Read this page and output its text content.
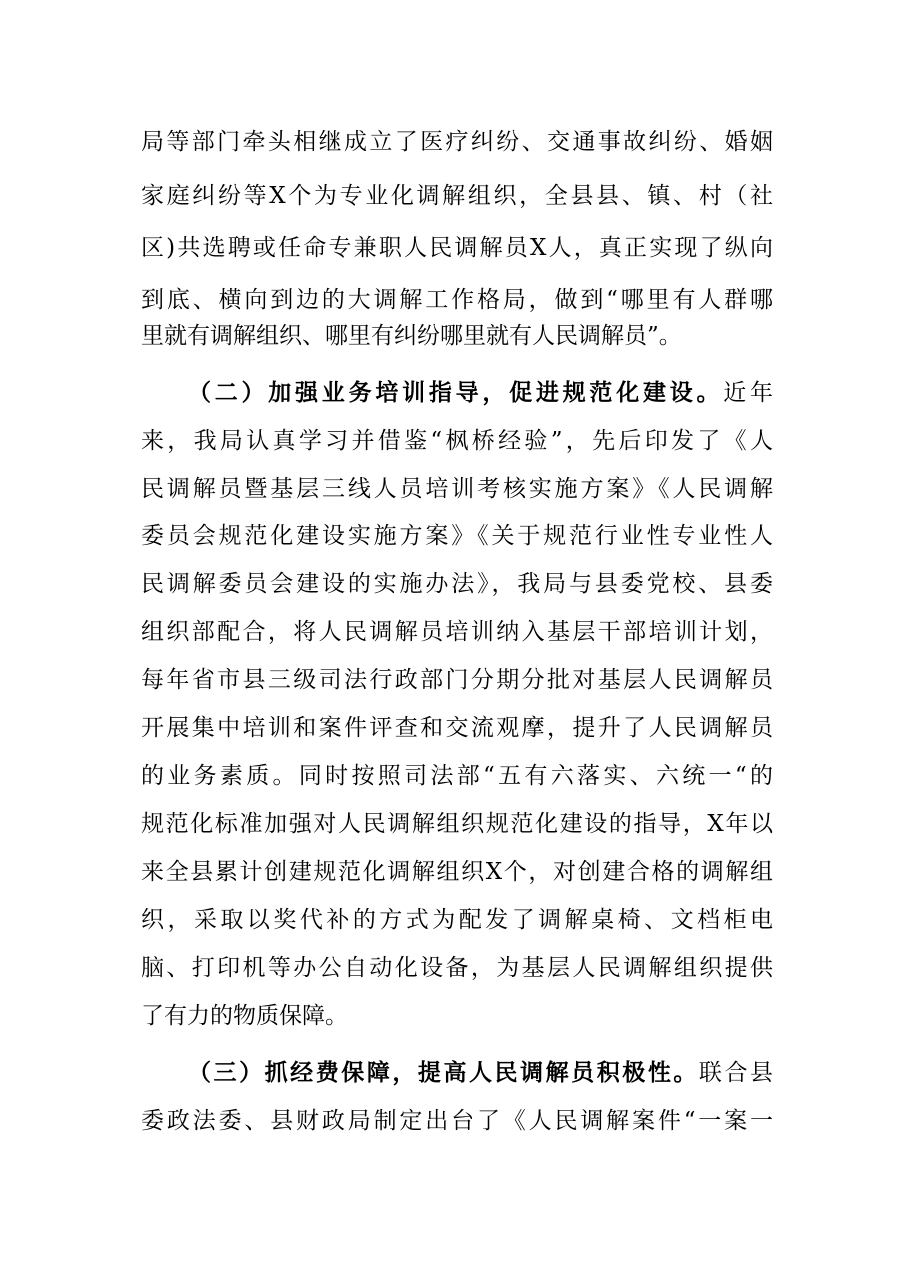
局等部门牵头相继成立了医疗纠纷、交通事故纠纷、婚姻
家庭纠纷等X个为专业化调解组织，全县县、镇、村（社
区)共选聘或任命专兼职人民调解员X人，真正实现了纵向
到底、横向到边的大调解工作格局，做到“哪里有人群哪
里就有调解组织、哪里有纠纷哪里就有人民调解员”。
（二）加强业务培训指导，促进规范化建设。近年
来，我局认真学习并借鉴“枫桥经验”，先后印发了《人
民调解员暨基层三线人员培训考核实施方案》《人民调解
委员会规范化建设实施方案》《关于规范行业性专业性人
民调解委员会建设的实施办法》，我局与县委党校、县委
组织部配合，将人民调解员培训纳入基层干部培训计划，
每年省市县三级司法行政部门分期分批对基层人民调解员
开展集中培训和案件评查和交流观摩，提升了人民调解员
的业务素质。同时按照司法部“五有六落实、六统一“的
规范化标准加强对人民调解组织规范化建设的指导，X年以
来全县累计创建规范化调解组织X个，对创建合格的调解组
织，采取以奖代补的方式为配发了调解桌椅、文档柜电
脑、打印机等办公自动化设备，为基层人民调解组织提供
了有力的物质保障。
（三）抓经费保障，提高人民调解员积极性。联合县
委政法委、县财政局制定出台了《人民调解案件“一案一
